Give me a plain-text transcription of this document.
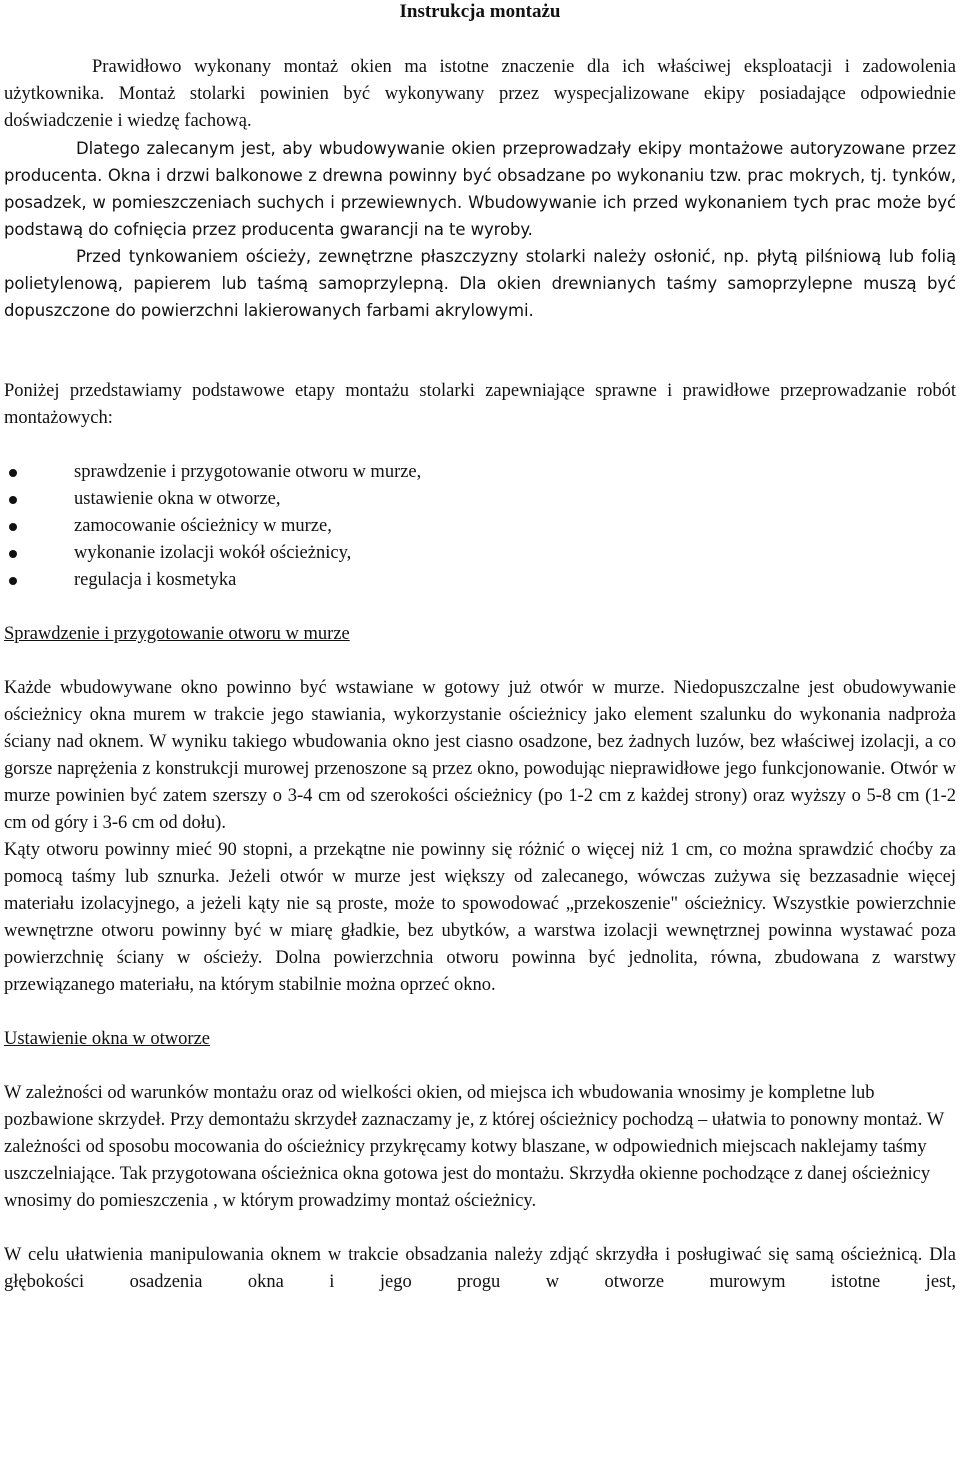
Instrukcja montażu

Prawidłowo wykonany montaż okien ma istotne znaczenie dla ich właściwej eksploatacji i zadowolenia użytkownika. Montaż stolarki powinien być wykonywany przez wyspecjalizowane ekipy posiadające odpowiednie doświadczenie i wiedzę fachową.

Dlatego zalecanym jest, aby wbudowywanie okien przeprowadzały ekipy montażowe autoryzowane przez producenta. Okna i drzwi balkonowe z drewna powinny być obsadzane po wykonaniu tzw. prac mokrych, tj. tynków, posadzek, w pomieszczeniach suchych i przewiewnych. Wbudowywanie ich przed wykonaniem tych prac może być podstawą do cofnięcia przez producenta gwarancji na te wyroby.

Przed tynkowaniem ościeży, zewnętrzne płaszczyzny stolarki należy osłonić, np. płytą pilśniową lub folią polietylenową, papierem lub taśmą samoprzylepną. Dla okien drewnianych taśmy samoprzylepne muszą być dopuszczone do powierzchni lakierowanych farbami akrylowymi.

Poniżej przedstawiamy podstawowe etapy montażu stolarki zapewniające sprawne i prawidłowe przeprowadzanie robót montażowych:

sprawdzenie i przygotowanie otworu w murze,
ustawienie okna w otworze,
zamocowanie ościeżnicy w murze,
wykonanie izolacji wokół ościeżnicy,
regulacja i kosmetyka

Sprawdzenie i przygotowanie otworu w murze

Każde wbudowywane okno powinno być wstawiane w gotowy już otwór w murze. Niedopuszczalne jest obudowywanie ościeżnicy okna murem w trakcie jego stawiania, wykorzystanie ościeżnicy jako element szalunku do wykonania nadproża ściany nad oknem. W wyniku takiego wbudowania okno jest ciasno osadzone, bez żadnych luzów, bez właściwej izolacji, a co gorsze naprężenia z konstrukcji murowej przenoszone są przez okno, powodując nieprawidłowe jego funkcjonowanie. Otwór w murze powinien być zatem szerszy o 3-4 cm od szerokości ościeżnicy (po 1-2 cm z każdej strony) oraz wyższy o 5-8 cm (1-2 cm od góry i 3-6 cm od dołu).

Kąty otworu powinny mieć 90 stopni, a przekątne nie powinny się różnić o więcej niż 1 cm, co można sprawdzić choćby za pomocą taśmy lub sznurka. Jeżeli otwór w murze jest większy od zalecanego, wówczas zużywa się bezzasadnie więcej materiału izolacyjnego, a jeżeli kąty nie są proste, może to spowodować „przekoszenie" ościeżnicy. Wszystkie powierzchnie wewnętrzne otworu powinny być w miarę gładkie, bez ubytków, a warstwa izolacji wewnętrznej powinna wystawać poza powierzchnię ściany w ościeży. Dolna powierzchnia otworu powinna być jednolita, równa, zbudowana z warstwy przewiązanego materiału, na którym stabilnie można oprzeć okno.

Ustawienie okna w otworze

W zależności od warunków montażu oraz od wielkości okien, od miejsca ich wbudowania wnosimy je kompletne lub pozbawione skrzydeł. Przy demontażu skrzydeł zaznaczamy je, z której ościeżnicy pochodzą – ułatwia to ponowny montaż. W zależności od sposobu mocowania do ościeżnicy przykręcamy kotwy blaszane, w odpowiednich miejscach naklejamy taśmy uszczelniające. Tak przygotowana ościeżnica okna gotowa jest do montażu. Skrzydła okienne pochodzące z danej ościeżnicy wnosimy do pomieszczenia , w którym prowadzimy montaż ościeżnicy.

W celu ułatwienia manipulowania oknem w trakcie obsadzania należy zdjąć skrzydła i posługiwać się samą ościeżnicą. Dla głębokości osadzenia okna i jego progu w otworze murowym istotne jest,
